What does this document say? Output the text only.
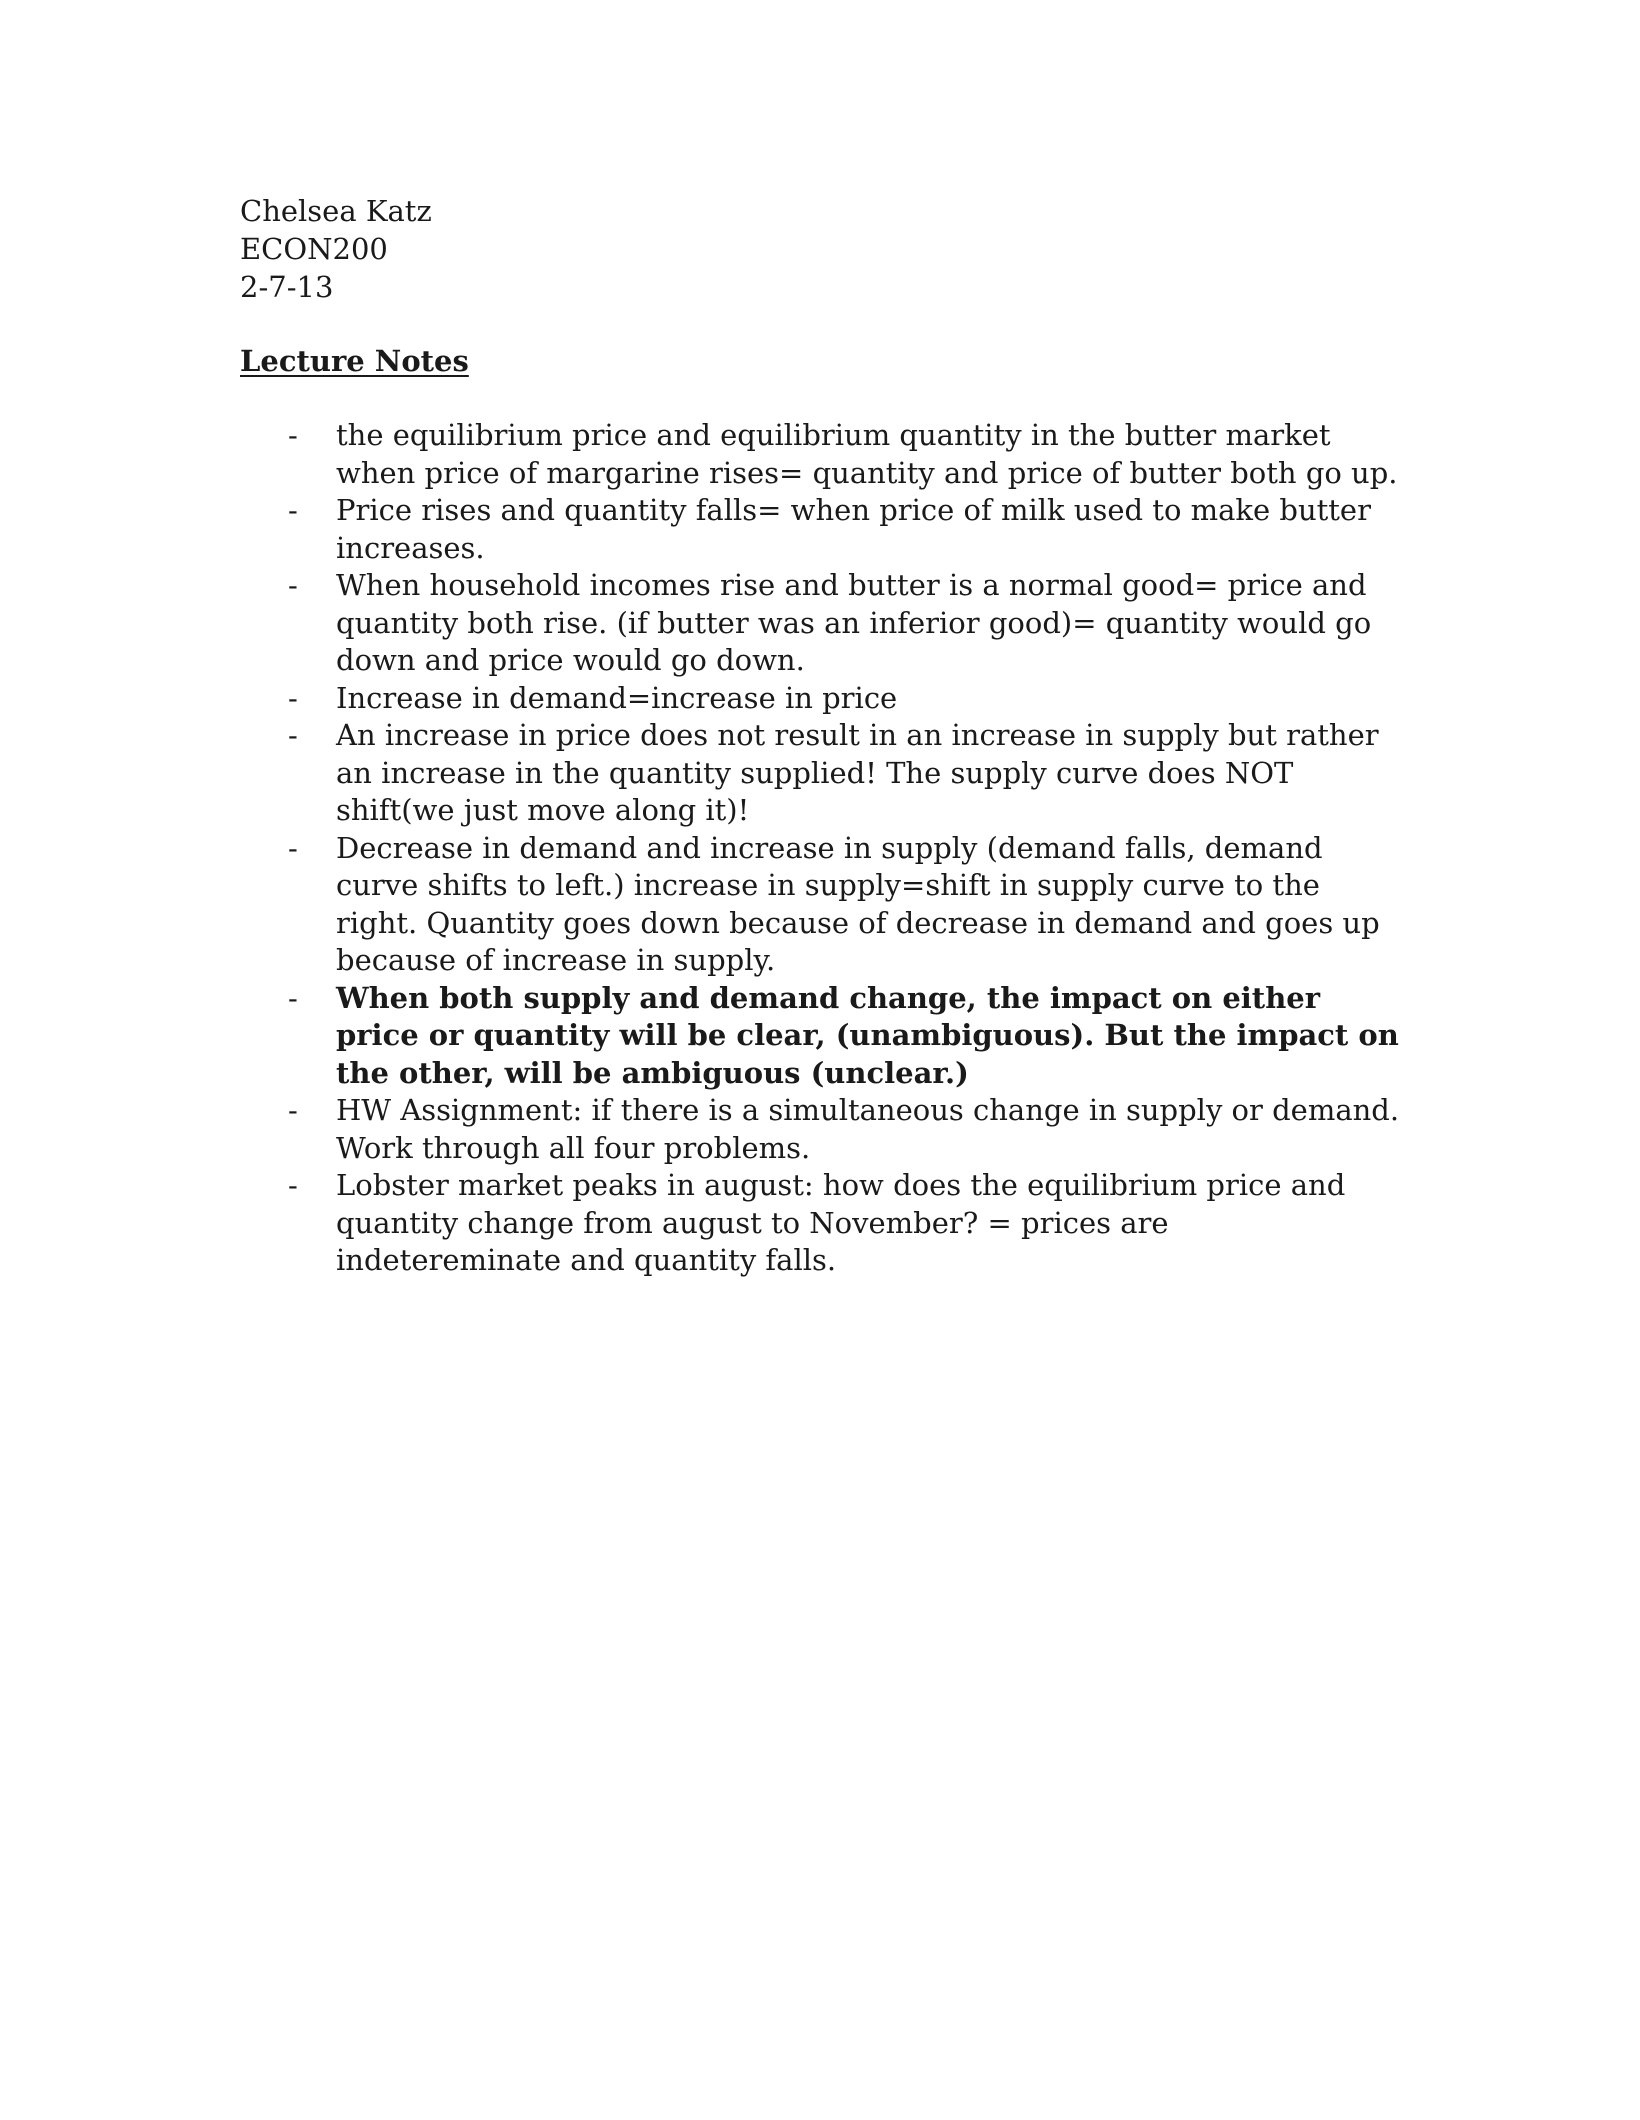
Chelsea Katz
ECON200
2-7-13
Lecture Notes
- the equilibrium price and equilibrium quantity in the butter market when price of margarine rises= quantity and price of butter both go up.
- Price rises and quantity falls= when price of milk used to make butter increases.
- When household incomes rise and butter is a normal good= price and quantity both rise. (if butter was an inferior good)= quantity would go down and price would go down.
- Increase in demand=increase in price
- An increase in price does not result in an increase in supply but rather an increase in the quantity supplied! The supply curve does NOT shift(we just move along it)!
- Decrease in demand and increase in supply (demand falls, demand curve shifts to left.) increase in supply=shift in supply curve to the right. Quantity goes down because of decrease in demand and goes up because of increase in supply.
- When both supply and demand change, the impact on either price or quantity will be clear, (unambiguous). But the impact on the other, will be ambiguous (unclear.)
- HW Assignment: if there is a simultaneous change in supply or demand. Work through all four problems.
- Lobster market peaks in august: how does the equilibrium price and quantity change from august to November? = prices are indetereminate and quantity falls.
